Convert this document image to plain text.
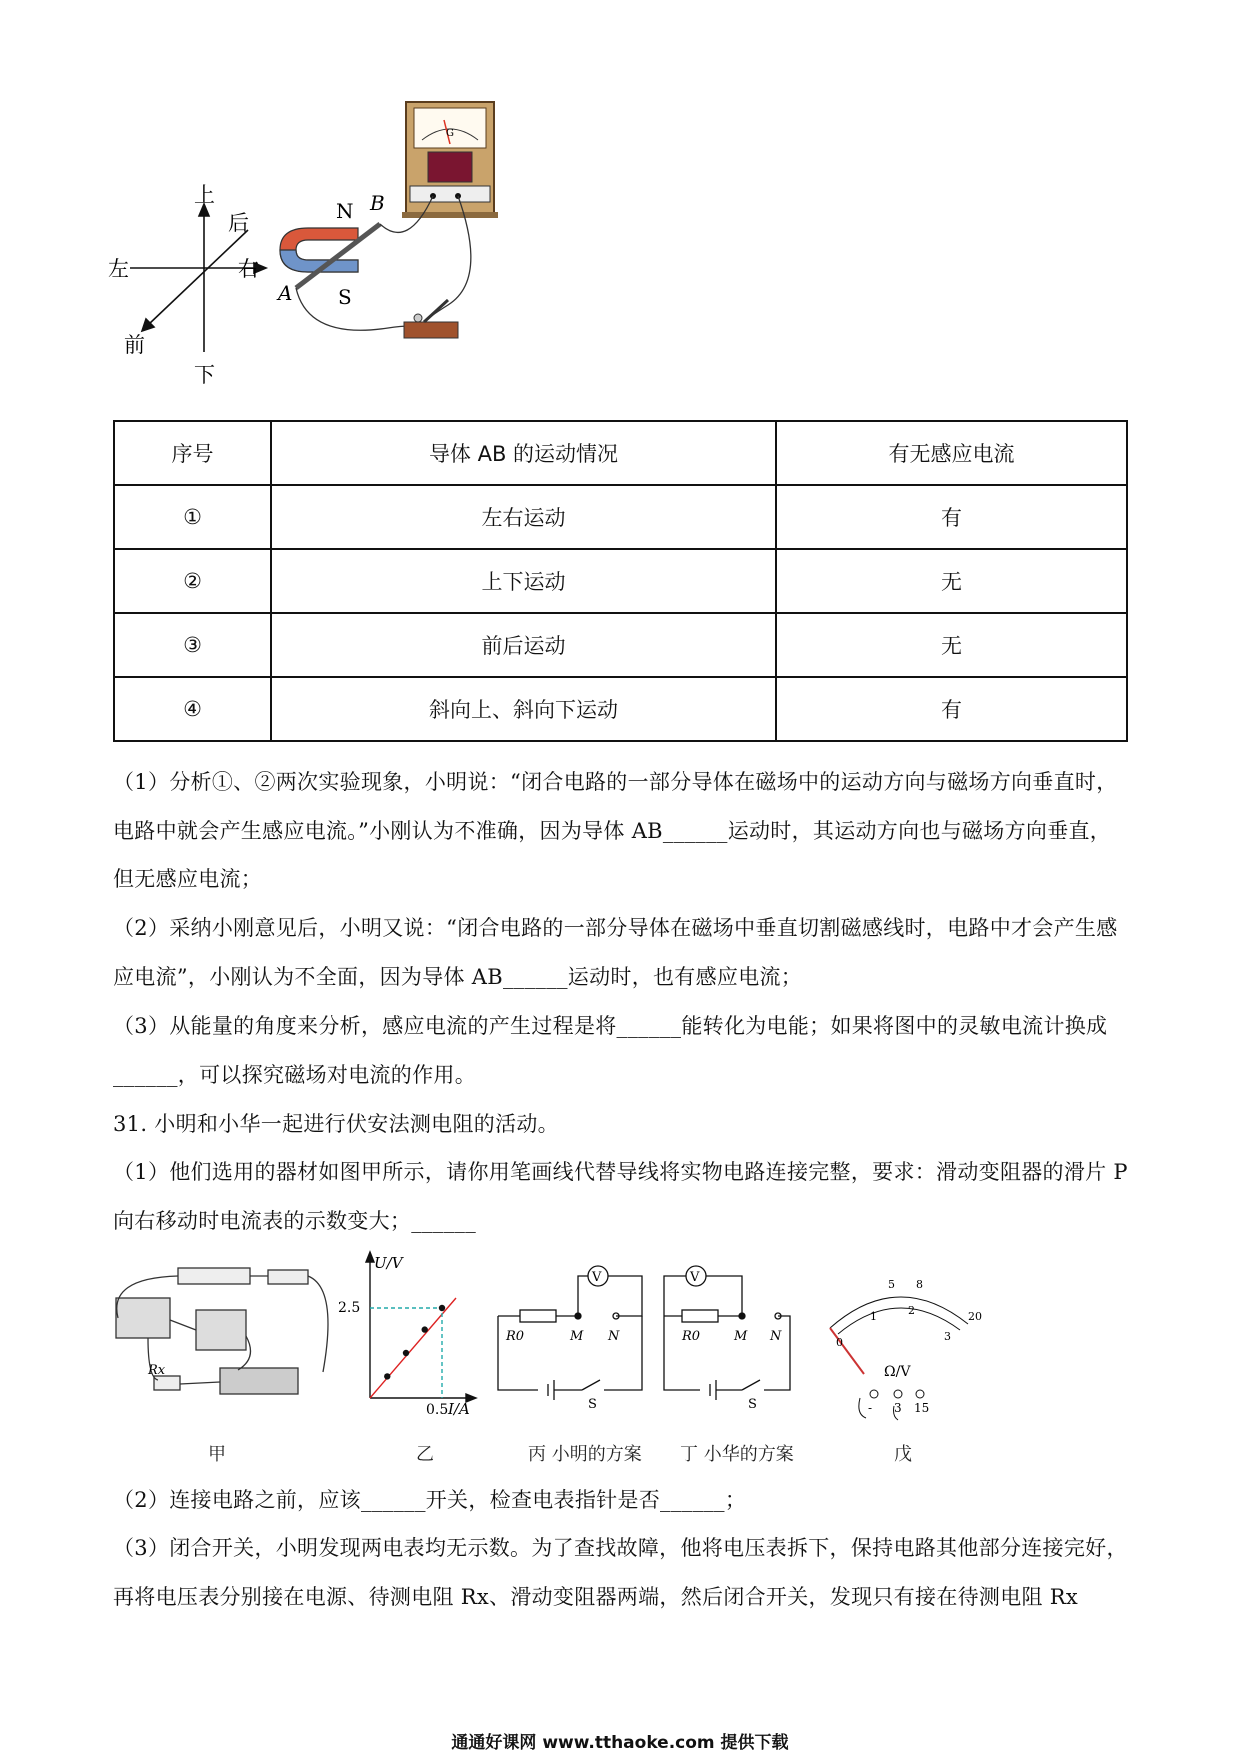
上
下
左	右
后
前
N
S
A
B
G
序号	导体 AB 的运动情况	有无感应电流
①	左右运动	有
②	上下运动	无
③	前后运动	无
④	斜向上、斜向下运动	有
（1）分析①、②两次实验现象，小明说：“闭合电路的一部分导体在磁场中的运动方向与磁场方向垂直时，电路中就会产生感应电流。”小刚认为不准确，因为导体 AB______运动时，其运动方向也与磁场方向垂直，但无感应电流；
（2）采纳小刚意见后，小明又说：“闭合电路的一部分导体在磁场中垂直切割磁感线时，电路中才会产生感应电流”，小刚认为不全面，因为导体 AB______运动时，也有感应电流；
（3）从能量的角度来分析，感应电流的产生过程是将______能转化为电能；如果将图中的灵敏电流计换成______，可以探究磁场对电流的作用。
31. 小明和小华一起进行伏安法测电阻的活动。
（1）他们选用的器材如图甲所示，请你用笔画线代替导线将实物电路连接完整，要求：滑动变阻器的滑片 P 向右移动时电流表的示数变大；______
Rx
甲
U/V
I/A
2.5
0.5
乙
V
R0	M N
S
丙 小明的方案
V
R0	M N
S
丁 小华的方案
5 8
20
0
1	2
3
Ω/V
- 3 15
戊
（2）连接电路之前，应该______开关，检查电表指针是否______；
（3）闭合开关，小明发现两电表均无示数。为了查找故障，他将电压表拆下，保持电路其他部分连接完好，再将电压表分别接在电源、待测电阻 Rx、滑动变阻器两端，然后闭合开关，发现只有接在待测电阻 Rx
通通好课网 www.tthaoke.com 提供下载
